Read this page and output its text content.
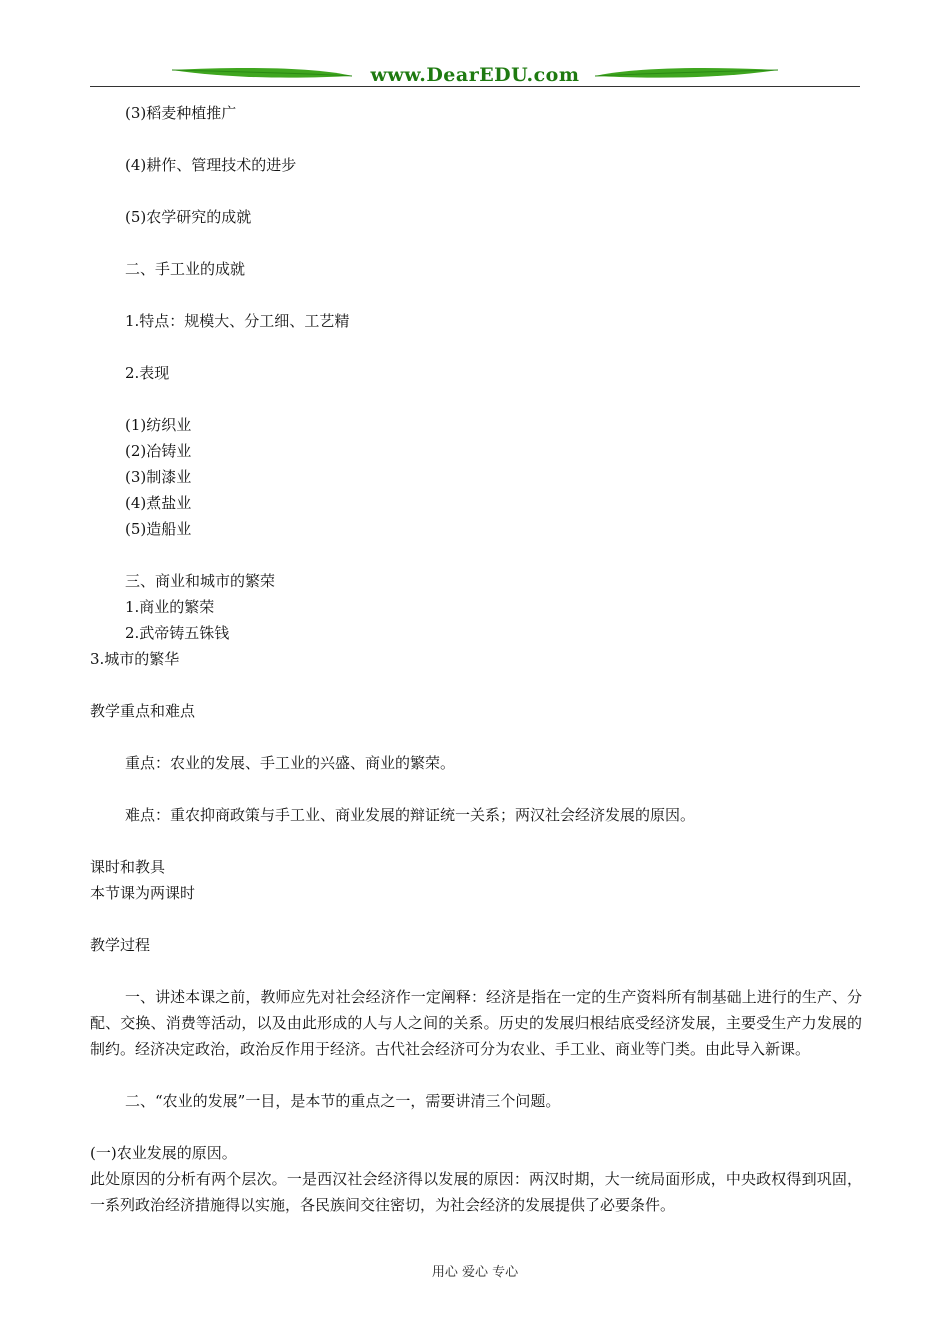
www.DearEDU.com

(3)稻麦种植推广

(4)耕作、管理技术的进步

(5)农学研究的成就

二、手工业的成就

1.特点：规模大、分工细、工艺精

2.表现

(1)纺织业

(2)冶铸业

(3)制漆业

(4)煮盐业

(5)造船业

三、商业和城市的繁荣

1.商业的繁荣

2.武帝铸五铢钱

3.城市的繁华

教学重点和难点

重点：农业的发展、手工业的兴盛、商业的繁荣。

难点：重农抑商政策与手工业、商业发展的辩证统一关系；两汉社会经济发展的原因。

课时和教具

本节课为两课时

教学过程

一、讲述本课之前，教师应先对社会经济作一定阐释：经济是指在一定的生产资料所有制基础上进行的生产、分配、交换、消费等活动，以及由此形成的人与人之间的关系。历史的发展归根结底受经济发展，主要受生产力发展的制约。经济决定政治，政治反作用于经济。古代社会经济可分为农业、手工业、商业等门类。由此导入新课。

二、“农业的发展”一目，是本节的重点之一，需要讲清三个问题。

(一)农业发展的原因。

此处原因的分析有两个层次。一是西汉社会经济得以发展的原因：两汉时期，大一统局面形成，中央政权得到巩固，一系列政治经济措施得以实施，各民族间交往密切，为社会经济的发展提供了必要条件。

用心 爱心 专心
